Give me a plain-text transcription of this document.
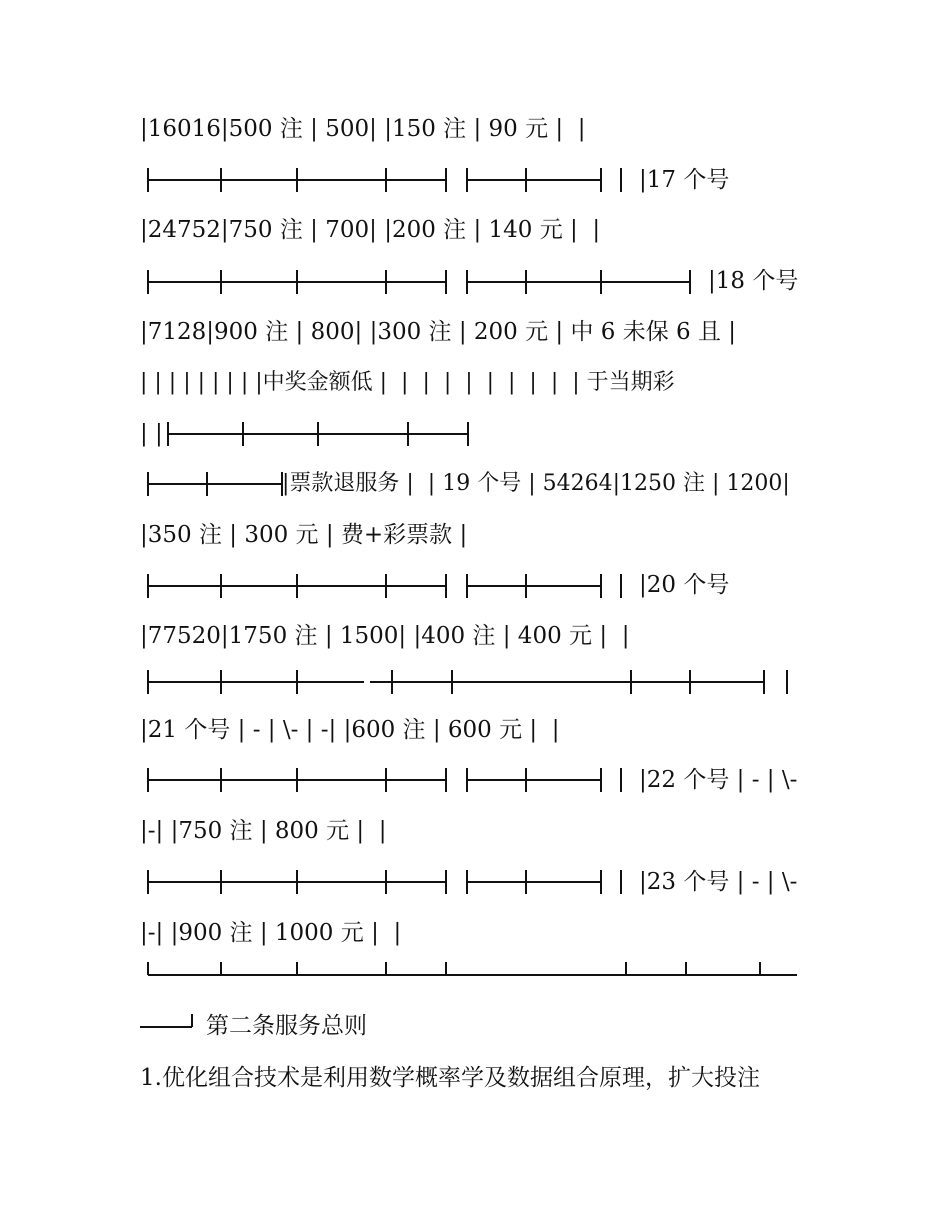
|16016|500 注 | 500| |150 注 | 90 元 |  |
|17 个号
|24752|750 注 | 700| |200 注 | 140 元 |  |
|18 个号
|7128|900 注 | 800| |300 注 | 200 元 | 中 6 未保 6 且 |
| | | | | | | | |中奖金额低 |  |  |  |  |  |  |  |  |  | 于当期彩
| |
|票款退服务 |  | 19 个号 | 54264|1250 注 | 1200|
|350 注 | 300 元 | 费+彩票款 |
|20 个号
|77520|1750 注 | 1500| |400 注 | 400 元 |  |
|21 个号 | - | \- | -| |600 注 | 600 元 |  |
|22 个号 | - | \-
|-| |750 注 | 800 元 |  |
|23 个号 | - | \-
|-| |900 注 | 1000 元 |  |
第二条服务总则
1.优化组合技术是利用数学概率学及数据组合原理，扩大投注
